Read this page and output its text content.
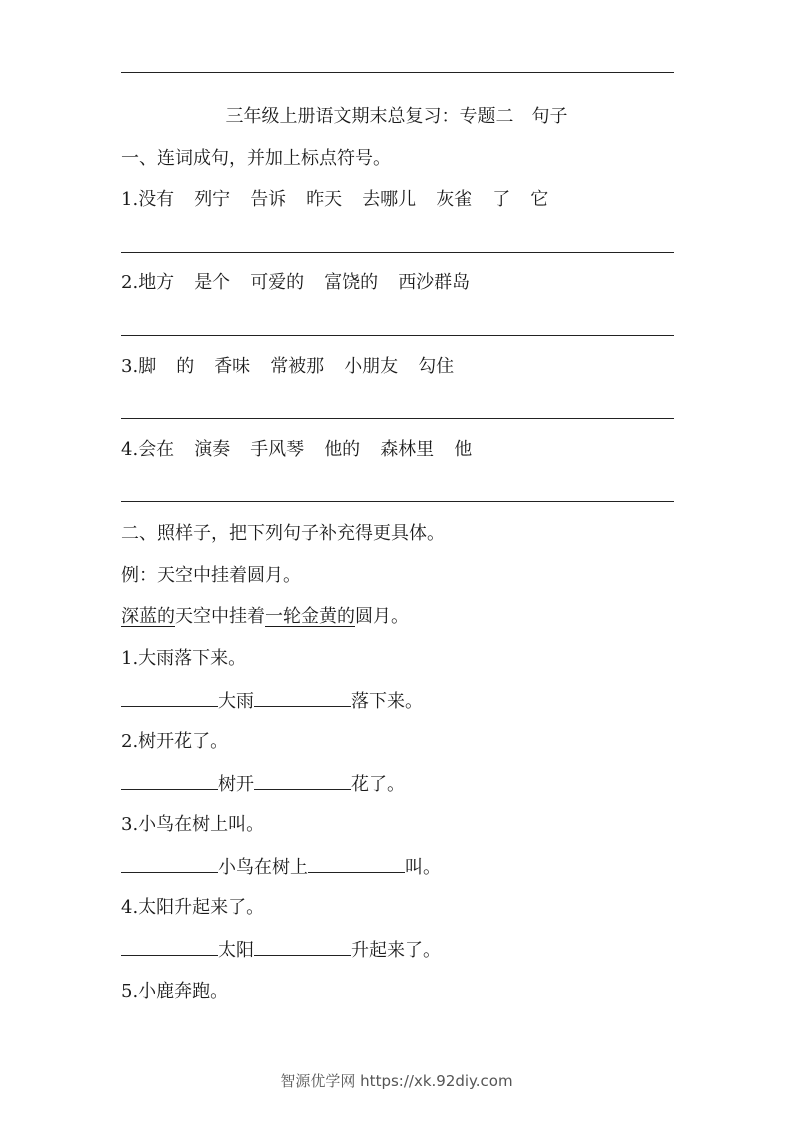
三年级上册语文期末总复习：专题二　句子
一、连词成句，并加上标点符号。
1.没有 列宁 告诉 昨天 去哪儿 灰雀 了 它
2.地方 是个 可爱的 富饶的 西沙群岛
3.脚 的 香味 常被那 小朋友 勾住
4.会在 演奏 手风琴 他的 森林里 他
二、照样子，把下列句子补充得更具体。
例：天空中挂着圆月。
深蓝的天空中挂着一轮金黄的圆月。
1.大雨落下来。
大雨	落下来。
2.树开花了。
树开	花了。
3.小鸟在树上叫。
小鸟在树上	叫。
4.太阳升起来了。
太阳	升起来了。
5.小鹿奔跑。
智源优学网 https://xk.92diy.com
